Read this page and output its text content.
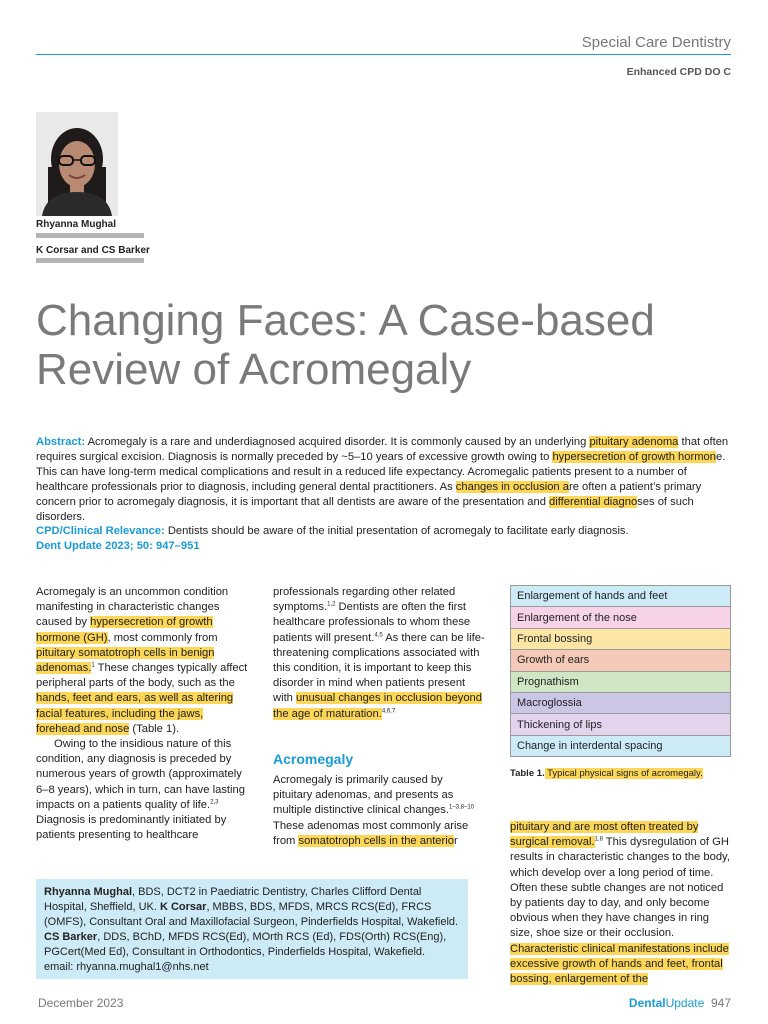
Special Care Dentistry
Enhanced CPD DO C
Rhyanna Mughal
K Corsar and CS Barker
Changing Faces: A Case-based
Review of Acromegaly
Abstract: Acromegaly is a rare and underdiagnosed acquired disorder. It is commonly caused by an underlying pituitary adenoma that often requires surgical excision. Diagnosis is normally preceded by ~5–10 years of excessive growth owing to hypersecretion of growth hormone. This can have long-term medical complications and result in a reduced life expectancy. Acromegalic patients present to a number of healthcare professionals prior to diagnosis, including general dental practitioners. As changes in occlusion are often a patient’s primary concern prior to acromegaly diagnosis, it is important that all dentists are aware of the presentation and differential diagnoses of such disorders.
CPD/Clinical Relevance: Dentists should be aware of the initial presentation of acromegaly to facilitate early diagnosis.
Dent Update 2023; 50: 947–951

Acromegaly is an uncommon condition manifesting in characteristic changes caused by hypersecretion of growth hormone (GH), most commonly from pituitary somatotroph cells in benign adenomas.$^1$ These changes typically affect peripheral parts of the body, such as the hands, feet and ears, as well as altering facial features, including the jaws, forehead and nose (Table 1).

Owing to the insidious nature of this condition, any diagnosis is preceded by numerous years of growth (approximately 6–8 years), which in turn, can have lasting impacts on a patients quality of life.$^{2,3}$ Diagnosis is predominantly initiated by patients presenting to healthcare

professionals regarding other related symptoms.$^{1,2}$ Dentists are often the first healthcare professionals to whom these patients will present.$^{4,5}$ As there can be life-threatening complications associated with this condition, it is important to keep this disorder in mind when patients present with unusual changes in occlusion beyond the age of maturation.$^{4,6,7}$

Acromegaly

Acromegaly is primarily caused by pituitary adenomas, and presents as multiple distinctive clinical changes.$^{1-3,8-10}$ These adenomas most commonly arise from somatotroph cells in the anterior

Enlargement of hands and feet
Enlargement of the nose
Frontal bossing
Growth of ears
Prognathism
Macroglossia
Thickening of lips
Change in interdental spacing
Table 1. Typical physical signs of acromegaly.

pituitary and are most often treated by surgical removal.$^{1,8}$ This dysregulation of GH results in characteristic changes to the body, which develop over a long period of time. Often these subtle changes are not noticed by patients day to day, and only become obvious when they have changes in ring size, shoe size or their occlusion. Characteristic clinical manifestations include excessive growth of hands and feet, frontal bossing, enlargement of the

Rhyanna Mughal, BDS, DCT2 in Paediatric Dentistry, Charles Clifford Dental Hospital, Sheffield, UK. K Corsar, MBBS, BDS, MFDS, MRCS RCS(Ed), FRCS (OMFS), Consultant Oral and Maxillofacial Surgeon, Pinderfields Hospital, Wakefield. CS Barker, DDS, BChD, MFDS RCS(Ed), MOrth RCS (Ed), FDS(Orth) RCS(Eng), PGCert(Med Ed), Consultant in Orthodontics, Pinderfields Hospital, Wakefield.
email: rhyanna.mughal1@nhs.net
December 2023	DentalUpdate 947
